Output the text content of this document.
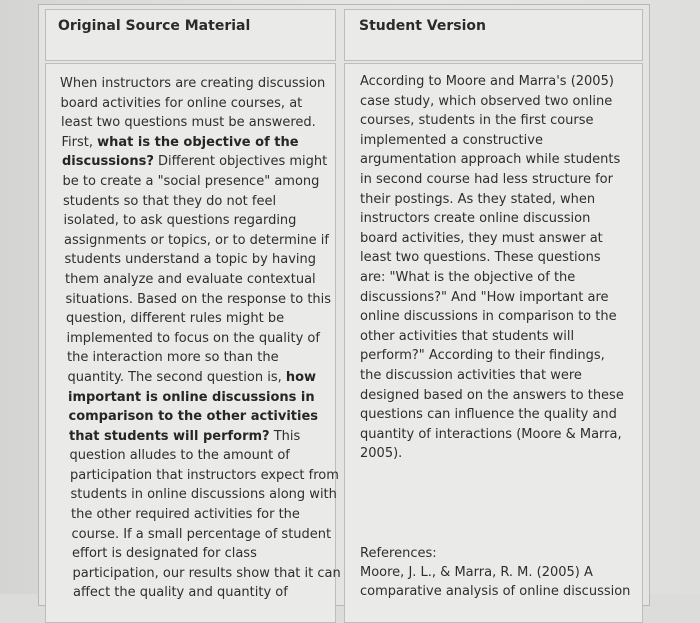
Original Source Material	Student Version
When instructors are creating discussion
board activities for online courses, at
least two questions must be answered.
First, what is the objective of the
discussions? Different objectives might
be to create a "social presence" among
students so that they do not feel
isolated, to ask questions regarding
assignments or topics, or to determine if
students understand a topic by having
them analyze and evaluate contextual
situations. Based on the response to this
question, different rules might be
implemented to focus on the quality of
the interaction more so than the
quantity. The second question is, how
important is online discussions in
comparison to the other activities
that students will perform? This
question alludes to the amount of
participation that instructors expect from
students in online discussions along with
the other required activities for the
course. If a small percentage of student
effort is designated for class
participation, our results show that it can
affect the quality and quantity of
According to Moore and Marra's (2005)
case study, which observed two online
courses, students in the first course
implemented a constructive
argumentation approach while students
in second course had less structure for
their postings. As they stated, when
instructors create online discussion
board activities, they must answer at
least two questions. These questions
are: "What is the objective of the
discussions?" And "How important are
online discussions in comparison to the
other activities that students will
perform?" According to their findings,
the discussion activities that were
designed based on the answers to these
questions can influence the quality and
quantity of interactions (Moore & Marra,
2005).
References:
Moore, J. L., & Marra, R. M. (2005) A
comparative analysis of online discussion
